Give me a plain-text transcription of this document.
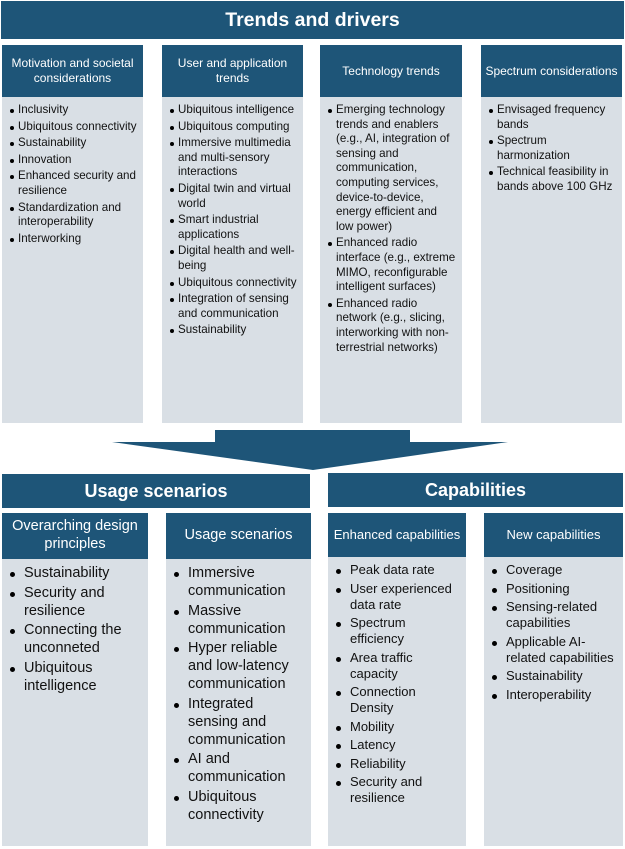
Trends and drivers
Motivation and societal considerations
Inclusivity
Ubiquitous connectivity
Sustainability
Innovation
Enhanced security and resilience
Standardization and interoperability
Interworking
User and application trends
Ubiquitous intelligence
Ubiquitous computing
Immersive multimedia and multi-sensory interactions
Digital twin and virtual world
Smart industrial applications
Digital health and well-being
Ubiquitous connectivity
Integration of sensing and communication
Sustainability
Technology trends
Emerging technology trends and enablers (e.g., AI, integration of sensing and communication, computing services, device-to-device, energy efficient and low power)
Enhanced radio interface (e.g., extreme MIMO, reconfigurable intelligent surfaces)
Enhanced radio network (e.g., slicing, interworking with non-terrestrial networks)
Spectrum considerations
Envisaged frequency bands
Spectrum harmonization
Technical feasibility in bands above 100 GHz
Usage scenarios	Capabilities
Overarching design principles
Sustainability
Security and resilience
Connecting the unconneted
Ubiquitous intelligence
Usage scenarios
Immersive communication
Massive communication
Hyper reliable and low-latency communication
Integrated sensing and communication
AI and communication
Ubiquitous connectivity
Enhanced capabilities
Peak data rate
User experienced data rate
Spectrum efficiency
Area traffic capacity
Connection Density
Mobility
Latency
Reliability
Security and resilience
New capabilities
Coverage
Positioning
Sensing-related capabilities
Applicable AI-related capabilities
Sustainability
Interoperability
